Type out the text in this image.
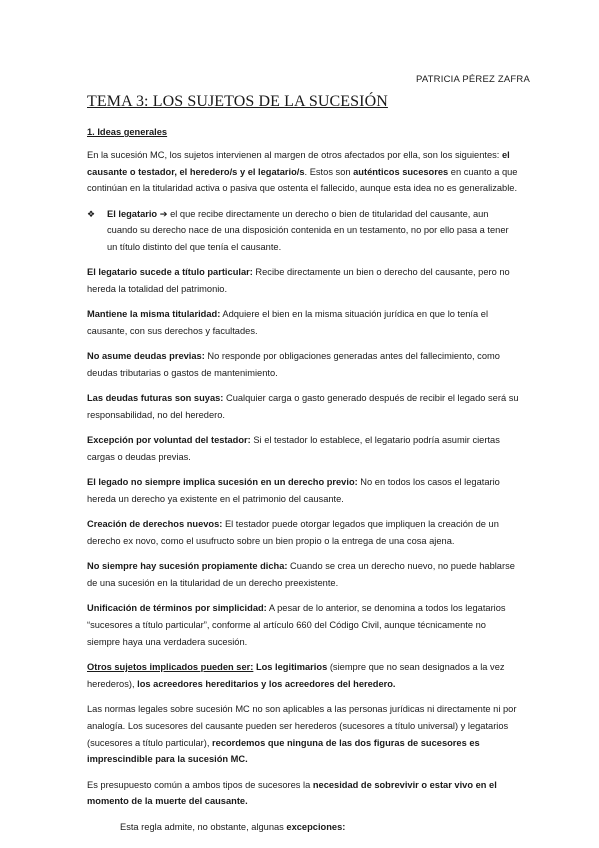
PATRICIA PÉREZ ZAFRA
TEMA 3: LOS SUJETOS DE LA SUCESIÓN

1. Ideas generales

En la sucesión MC, los sujetos intervienen al margen de otros afectados por ella, son los siguientes: el causante o testador, el heredero/s y el legatario/s. Estos son auténticos sucesores en cuanto a que continúan en la titularidad activa o pasiva que ostenta el fallecido, aunque esta idea no es generalizable.

❖	El legatario ➔ el que recibe directamente un derecho o bien de titularidad del causante, aun cuando su derecho nace de una disposición contenida en un testamento, no por ello pasa a tener un título distinto del que tenía el causante.

El legatario sucede a título particular: Recibe directamente un bien o derecho del causante, pero no hereda la totalidad del patrimonio.

Mantiene la misma titularidad: Adquiere el bien en la misma situación jurídica en que lo tenía el causante, con sus derechos y facultades.

No asume deudas previas: No responde por obligaciones generadas antes del fallecimiento, como deudas tributarias o gastos de mantenimiento.

Las deudas futuras son suyas: Cualquier carga o gasto generado después de recibir el legado será su responsabilidad, no del heredero.

Excepción por voluntad del testador: Si el testador lo establece, el legatario podría asumir ciertas cargas o deudas previas.

El legado no siempre implica sucesión en un derecho previo: No en todos los casos el legatario hereda un derecho ya existente en el patrimonio del causante.

Creación de derechos nuevos: El testador puede otorgar legados que impliquen la creación de un derecho ex novo, como el usufructo sobre un bien propio o la entrega de una cosa ajena.

No siempre hay sucesión propiamente dicha: Cuando se crea un derecho nuevo, no puede hablarse de una sucesión en la titularidad de un derecho preexistente.

Unificación de términos por simplicidad: A pesar de lo anterior, se denomina a todos los legatarios “sucesores a título particular”, conforme al artículo 660 del Código Civil, aunque técnicamente no siempre haya una verdadera sucesión.

Otros sujetos implicados pueden ser: Los legitimarios (siempre que no sean designados a la vez herederos), los acreedores hereditarios y los acreedores del heredero.

Las normas legales sobre sucesión MC no son aplicables a las personas jurídicas ni directamente ni por analogía. Los sucesores del causante pueden ser herederos (sucesores a título universal) y legatarios (sucesores a título particular), recordemos que ninguna de las dos figuras de sucesores es imprescindible para la sucesión MC.

Es presupuesto común a ambos tipos de sucesores la necesidad de sobrevivir o estar vivo en el momento de la muerte del causante.

Esta regla admite, no obstante, algunas excepciones:
